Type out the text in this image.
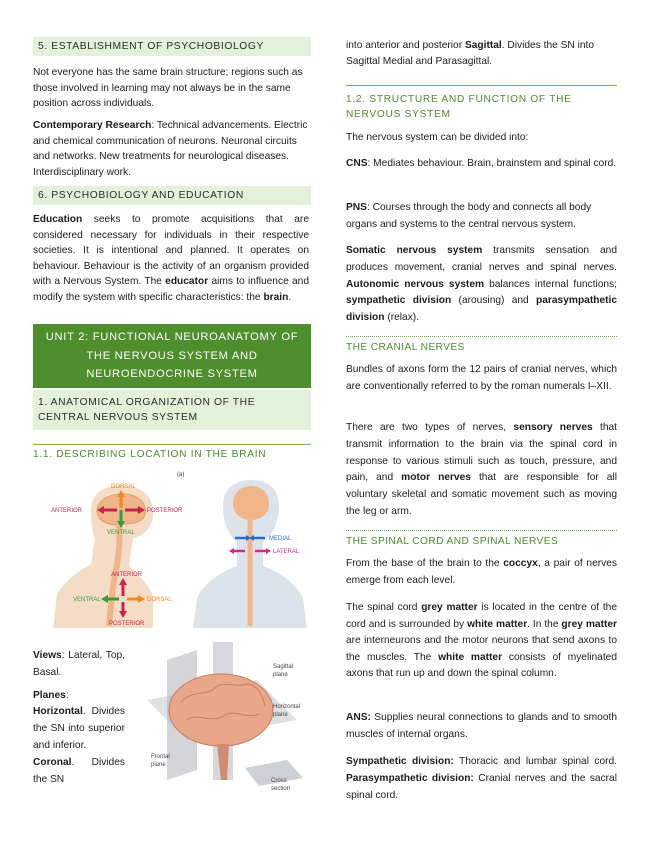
5. ESTABLISHMENT OF PSYCHOBIOLOGY

Not everyone has the same brain structure; regions such as those involved in learning may not always be in the same position across individuals.

Contemporary Research: Technical advancements. Electric and chemical communication of neurons. Neuronal circuits and networks. New treatments for neurological diseases. Interdisciplinary work.

6. PSYCHOBIOLOGY AND EDUCATION

Education seeks to promote acquisitions that are considered necessary for individuals in their respective societies. It is intentional and planned. It operates on behaviour. Behaviour is the activity of an organism provided with a Nervous System. The educator aims to influence and modify the system with specific characteristics: the brain.

UNIT 2: FUNCTIONAL NEUROANATOMY OF
THE NERVOUS SYSTEM AND
NEUROENDOCRINE SYSTEM
1. ANATOMICAL ORGANIZATION OF THE
CENTRAL NERVOUS SYSTEM
1.1. DESCRIBING LOCATION IN THE BRAIN
(a)
DORSAL
ANTERIOR	POSTERIOR
VENTRAL
ANTERIOR
VENTRAL	DORSAL
POSTERIOR
MEDIAL
LATERAL
Views: Lateral, Top, Basal.
Planes:
Horizontal. Divides the SN into superior and inferior.
Coronal. Divides the SN
Sagittal
plane
Horizontal
plane
Frontal
plane
Cross
section

into anterior and posterior Sagittal. Divides the SN into Sagittal Medial and Parasagittal.

1.2. STRUCTURE AND FUNCTION OF THE
NERVOUS SYSTEM

The nervous system can be divided into:

CNS: Mediates behaviour. Brain, brainstem and spinal cord.

PNS: Courses through the body and connects all body organs and systems to the central nervous system.

Somatic nervous system transmits sensation and produces movement, cranial nerves and spinal nerves. Autonomic nervous system balances internal functions; sympathetic division (arousing) and parasympathetic division (relax).

THE CRANIAL NERVES

Bundles of axons form the 12 pairs of cranial nerves, which are conventionally referred to by the roman numerals I–XII.

There are two types of nerves, sensory nerves that transmit information to the brain via the spinal cord in response to various stimuli such as touch, pressure, and pain, and motor nerves that are responsible for all voluntary skeletal and somatic movement such as moving the leg or arm.

THE SPINAL CORD AND SPINAL NERVES

From the base of the brain to the coccyx, a pair of nerves emerge from each level.

The spinal cord grey matter is located in the centre of the cord and is surrounded by white matter. In the grey matter are interneurons and the motor neurons that send axons to the muscles. The white matter consists of myelinated axons that run up and down the spinal column.

ANS: Supplies neural connections to glands and to smooth muscles of internal organs.

Sympathetic division: Thoracic and lumbar spinal cord. Parasympathetic division: Cranial nerves and the sacral spinal cord.
